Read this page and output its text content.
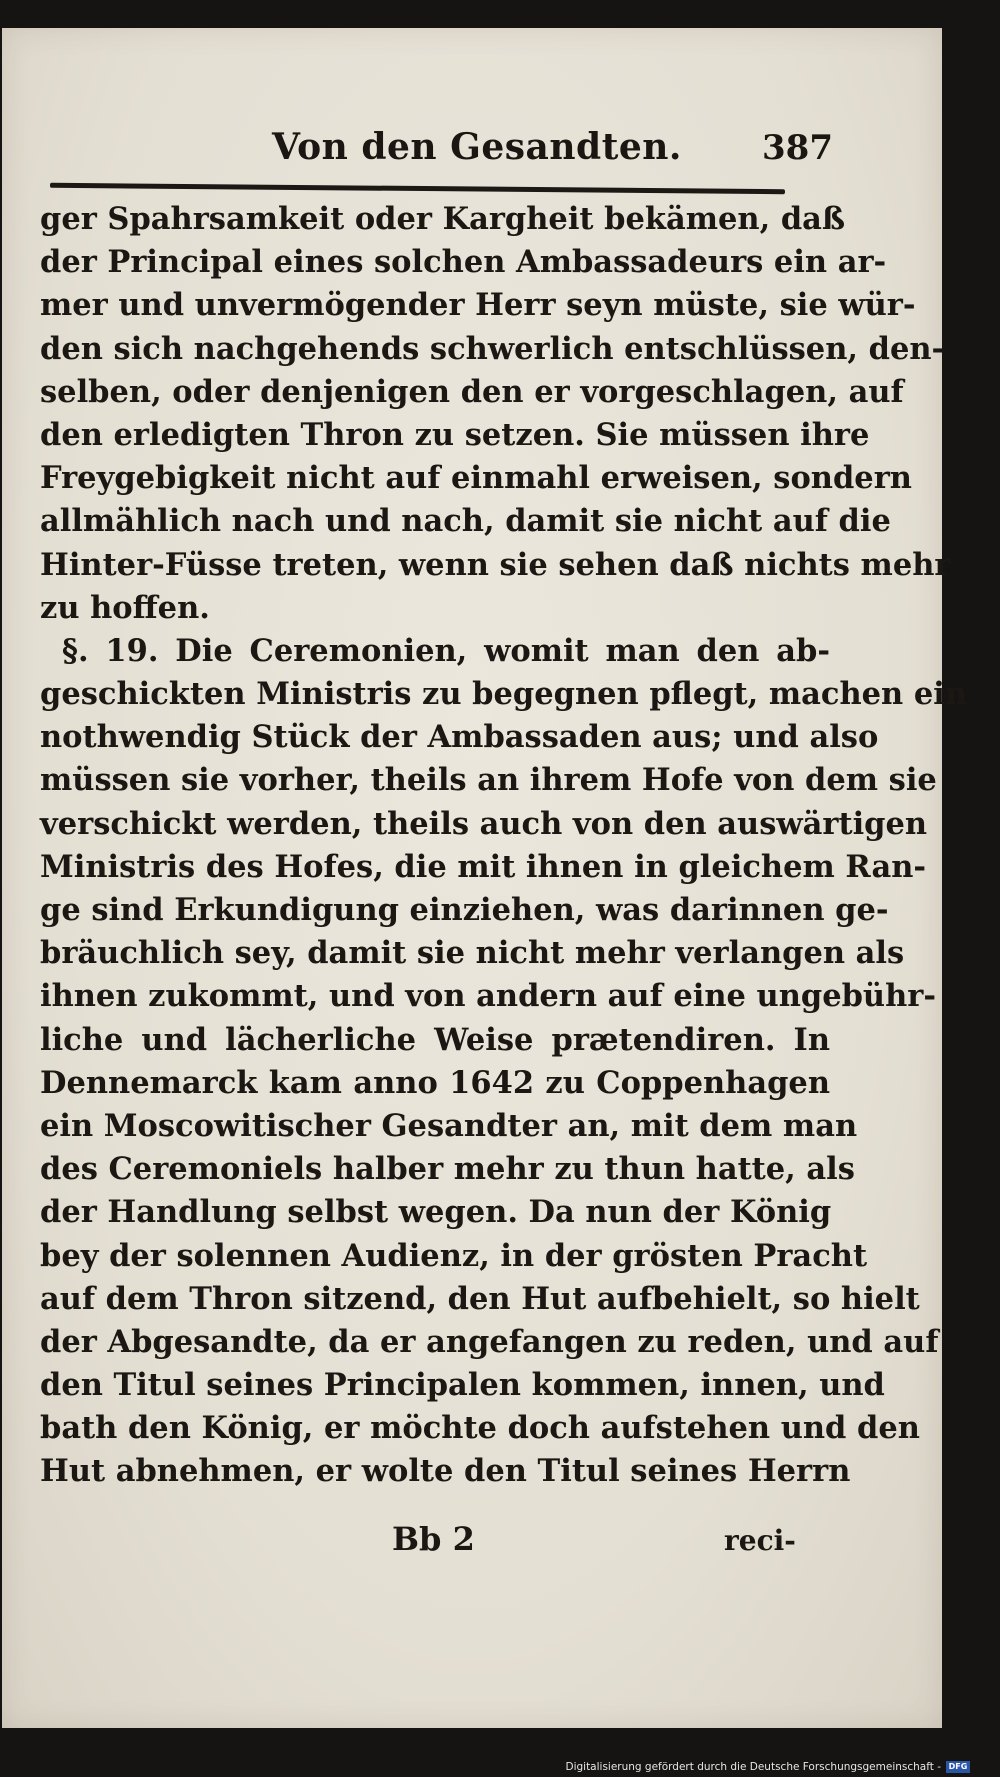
Von den Gesandten. 387
ger Spahrsamkeit oder Kargheit bekämen, daß
der Principal eines solchen Ambassadeurs ein ar-
mer und unvermögender Herr seyn müste, sie wür-
den sich nachgehends schwerlich entschlüssen, den-
selben, oder denjenigen den er vorgeschlagen, auf
den erledigten Thron zu setzen. Sie müssen ihre
Freygebigkeit nicht auf einmahl erweisen, sondern
allmählich nach und nach, damit sie nicht auf die
Hinter-Füsse treten, wenn sie sehen daß nichts mehr
zu hoffen.
§. 19. Die Ceremonien, womit man den ab-
geschickten Ministris zu begegnen pflegt, machen ein
nothwendig Stück der Ambassaden aus; und also
müssen sie vorher, theils an ihrem Hofe von dem sie
verschickt werden, theils auch von den auswärtigen
Ministris des Hofes, die mit ihnen in gleichem Ran-
ge sind Erkundigung einziehen, was darinnen ge-
bräuchlich sey, damit sie nicht mehr verlangen als
ihnen zukommt, und von andern auf eine ungebühr-
liche und lächerliche Weise prætendiren. In
Dennemarck kam anno 1642 zu Coppenhagen
ein Moscowitischer Gesandter an, mit dem man
des Ceremoniels halber mehr zu thun hatte, als
der Handlung selbst wegen. Da nun der König
bey der solennen Audienz, in der grösten Pracht
auf dem Thron sitzend, den Hut aufbehielt, so hielt
der Abgesandte, da er angefangen zu reden, und auf
den Titul seines Principalen kommen, innen, und
bath den König, er möchte doch aufstehen und den
Hut abnehmen, er wolte den Titul seines Herrn
Bb 2	reci-
Digitalisierung gefördert durch die Deutsche Forschungsgemeinschaft - DFG
